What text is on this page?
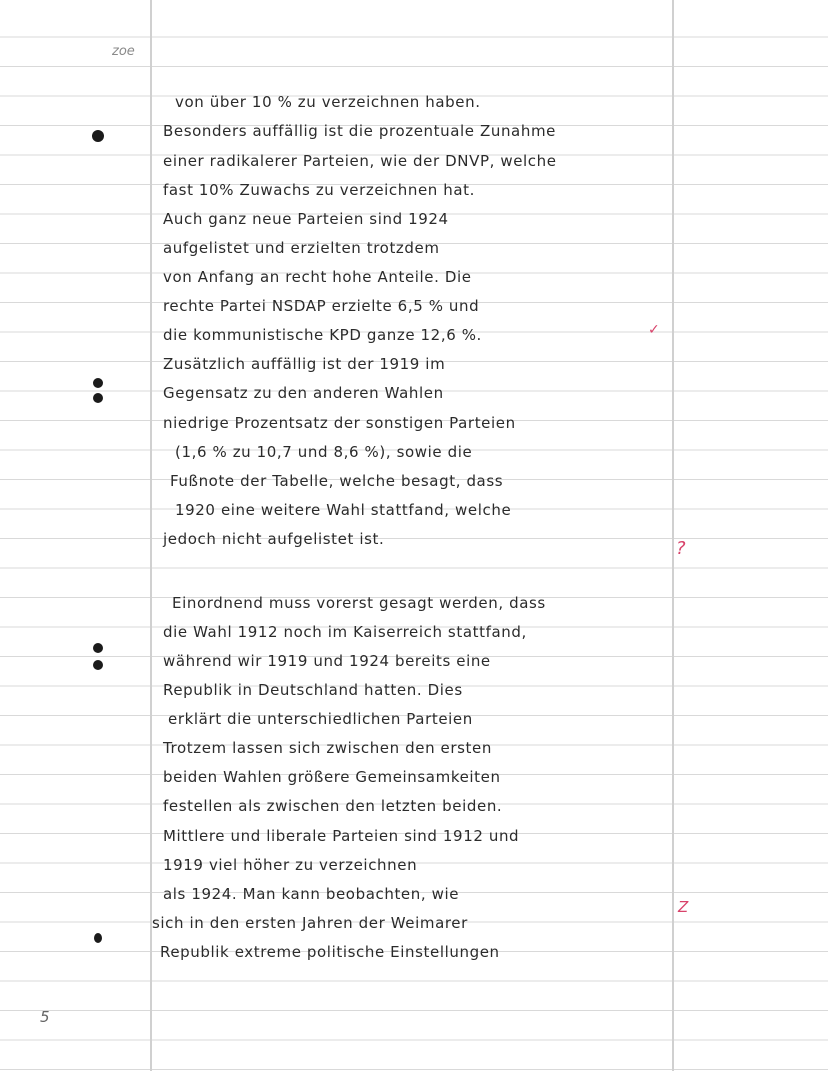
zoe
5
?
Z
✓
von über 10 % zu verzeichnen haben.
Besonders auffällig ist die prozentuale Zunahme
einer radikalerer Parteien, wie der DNVP, welche
fast 10% Zuwachs zu verzeichnen hat.
Auch ganz neue Parteien sind 1924
aufgelistet und erzielten trotzdem
von Anfang an recht hohe Anteile. Die
rechte Partei NSDAP erzielte 6,5 % und
die kommunistische KPD ganze 12,6 %.
Zusätzlich auffällig ist der 1919 im
Gegensatz zu den anderen Wahlen
niedrige Prozentsatz der sonstigen Parteien
(1,6 % zu 10,7 und 8,6 %), sowie die
Fußnote der Tabelle, welche besagt, dass
1920 eine weitere Wahl stattfand, welche
jedoch nicht aufgelistet ist.
Einordnend muss vorerst gesagt werden, dass
die Wahl 1912 noch im Kaiserreich stattfand,
während wir 1919 und 1924 bereits eine
Republik in Deutschland hatten. Dies
erklärt die unterschiedlichen Parteien
Trotzem lassen sich zwischen den ersten
beiden Wahlen größere Gemeinsamkeiten
festellen als zwischen den letzten beiden.
Mittlere und liberale Parteien sind 1912 und
1919 viel höher zu verzeichnen
als 1924. Man kann beobachten, wie
sich in den ersten Jahren der Weimarer
Republik extreme politische Einstellungen
